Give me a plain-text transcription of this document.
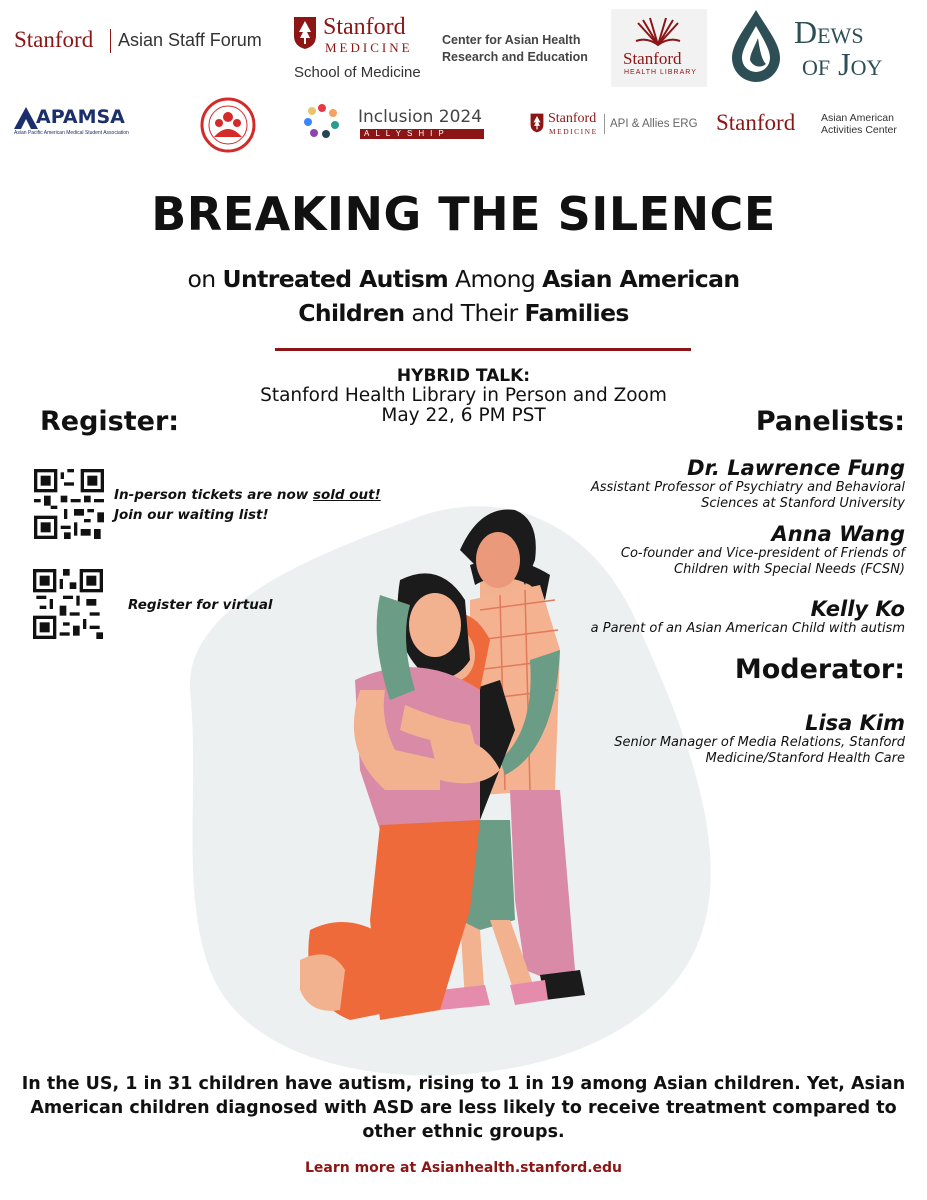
Stanford Asian Staff Forum	Stanford
MEDICINE
School of Medicine
Center for Asian Health
Research and Education	Stanford
HEALTH LIBRARY
Dews
of Joy
APAMSA
Asian Pacific American Medical Student Association
Inclusion 2024
ALLYSHIP
Stanford
MEDICINE
API & Allies ERG Stanford Asian American
Activities Center
BREAKING THE SILENCE
on Untreated Autism Among Asian American Children and Their Families
HYBRID TALK:
Stanford Health Library in Person and Zoom
May 22, 6 PM PST
Register:
In-person tickets are now sold out!
Join our waiting list!
Register for virtual
Panelists:
Dr. Lawrence Fung
Assistant Professor of Psychiatry and Behavioral
Sciences at Stanford University
Anna Wang
Co-founder and Vice-president of Friends of
Children with Special Needs (FCSN)
Kelly Ko
a Parent of an Asian American Child with autism
Moderator:
Lisa Kim
Senior Manager of Media Relations, Stanford
Medicine/Stanford Health Care
In the US, 1 in 31 children have autism, rising to 1 in 19 among Asian children. Yet, Asian
American children diagnosed with ASD are less likely to receive treatment compared to
other ethnic groups.
Learn more at Asianhealth.stanford.edu
